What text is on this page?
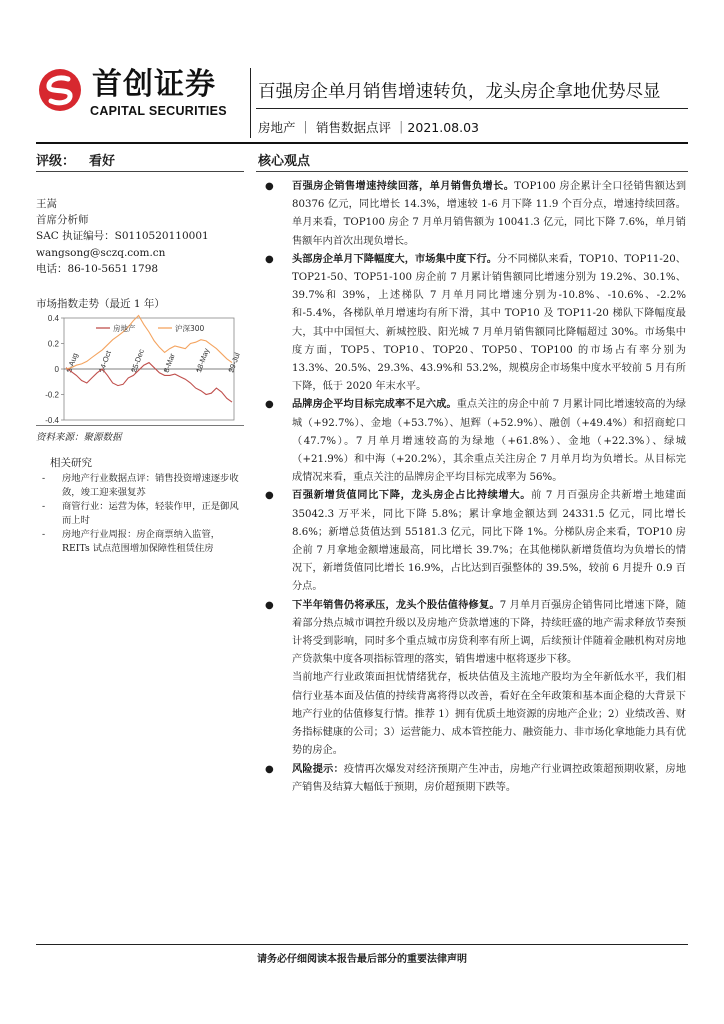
首创证券
CAPITAL SECURITIES
百强房企单月销售增速转负，龙头房企拿地优势尽显
房地产 ｜ 销售数据点评 ｜2021.08.03
评级： 看好
王嵩
首席分析师
SAC 执证编号：S0110520110001
wangsong@sczq.com.cn
电话：86-10-5651 1798
市场指数走势（最近 1 年）
0.4
0.2
0
-0.2
-0.4
3-Aug 14-Oct 25-Dec 8-Mar 18-May 29-Jul
房地产	沪深300
资料来源：聚源数据
相关研究
- 房地产行业数据点评：销售投资增速逐步收敛，竣工迎来强复苏
- 商管行业：运营为体，轻装作甲，正是御风而上时
- 房地产行业周报：房企商票纳入监管，REITs 试点范围增加保障性租赁住房
核心观点
● 百强房企销售增速持续回落，单月销售负增长。TOP100 房企累计全口径销售额达到 80376 亿元，同比增长 14.3%，增速较 1-6 月下降 11.9 个百分点，增速持续回落。单月来看，TOP100 房企 7 月单月销售额为 10041.3 亿元，同比下降 7.6%，单月销售额年内首次出现负增长。
● 头部房企单月下降幅度大，市场集中度下行。分不同梯队来看，TOP10、TOP11-20、TOP21-50、TOP51-100 房企前 7 月累计销售额同比增速分别为 19.2%、30.1%、39.7%和 39%，上述梯队 7 月单月同比增速分别为-10.8%、-10.6%、-2.2%和-5.4%，各梯队单月增速均有所下滑，其中 TOP10 及 TOP11-20 梯队下降幅度最大，其中中国恒大、新城控股、阳光城 7 月单月销售额同比降幅超过 30%。市场集中度方面，TOP5、TOP10、TOP20、TOP50、TOP100 的市场占有率分别为 13.3%、20.5%、29.3%、43.9%和 53.2%，规模房企市场集中度水平较前 5 月有所下降，低于 2020 年末水平。
● 品牌房企平均目标完成率不足六成。重点关注的房企中前 7 月累计同比增速较高的为绿城（+92.7%）、金地（+53.7%）、旭辉（+52.9%）、融创（+49.4%）和招商蛇口（47.7%）。7 月单月增速较高的为绿地（+61.8%）、金地（+22.3%）、绿城（+21.9%）和中海（+20.2%），其余重点关注房企 7 月单月均为负增长。从目标完成情况来看，重点关注的品牌房企平均目标完成率为 56%。
● 百强新增货值同比下降，龙头房企占比持续增大。前 7 月百强房企共新增土地建面 35042.3 万平米，同比下降 5.8%；累计拿地金额达到 24331.5 亿元，同比增长 8.6%；新增总货值达到 55181.3 亿元，同比下降 1%。分梯队房企来看，TOP10 房企前 7 月拿地金额增速最高，同比增长 39.7%；在其他梯队新增货值均为负增长的情况下，新增货值同比增长 16.9%，占比达到百强整体的 39.5%，较前 6 月提升 0.9 百分点。
● 下半年销售仍将承压，龙头个股估值待修复。7 月单月百强房企销售同比增速下降，随着部分热点城市调控升级以及房地产贷款增速的下降，持续旺盛的地产需求释放节奏预计将受到影响，同时多个重点城市房贷利率有所上调，后续预计伴随着金融机构对房地产贷款集中度各项指标管理的落实，销售增速中枢将逐步下移。
当前地产行业政策面担忧情绪犹存，板块估值及主流地产股均为全年新低水平，我们相信行业基本面及估值的持续背离将得以改善，看好在全年政策和基本面企稳的大背景下地产行业的估值修复行情。推荐 1）拥有优质土地资源的房地产企业；2）业绩改善、财务指标健康的公司；3）运营能力、成本管控能力、融资能力、非市场化拿地能力具有优势的房企。
● 风险提示：疫情再次爆发对经济预期产生冲击，房地产行业调控政策超预期收紧，房地产销售及结算大幅低于预期，房价超预期下跌等。
请务必仔细阅读本报告最后部分的重要法律声明
